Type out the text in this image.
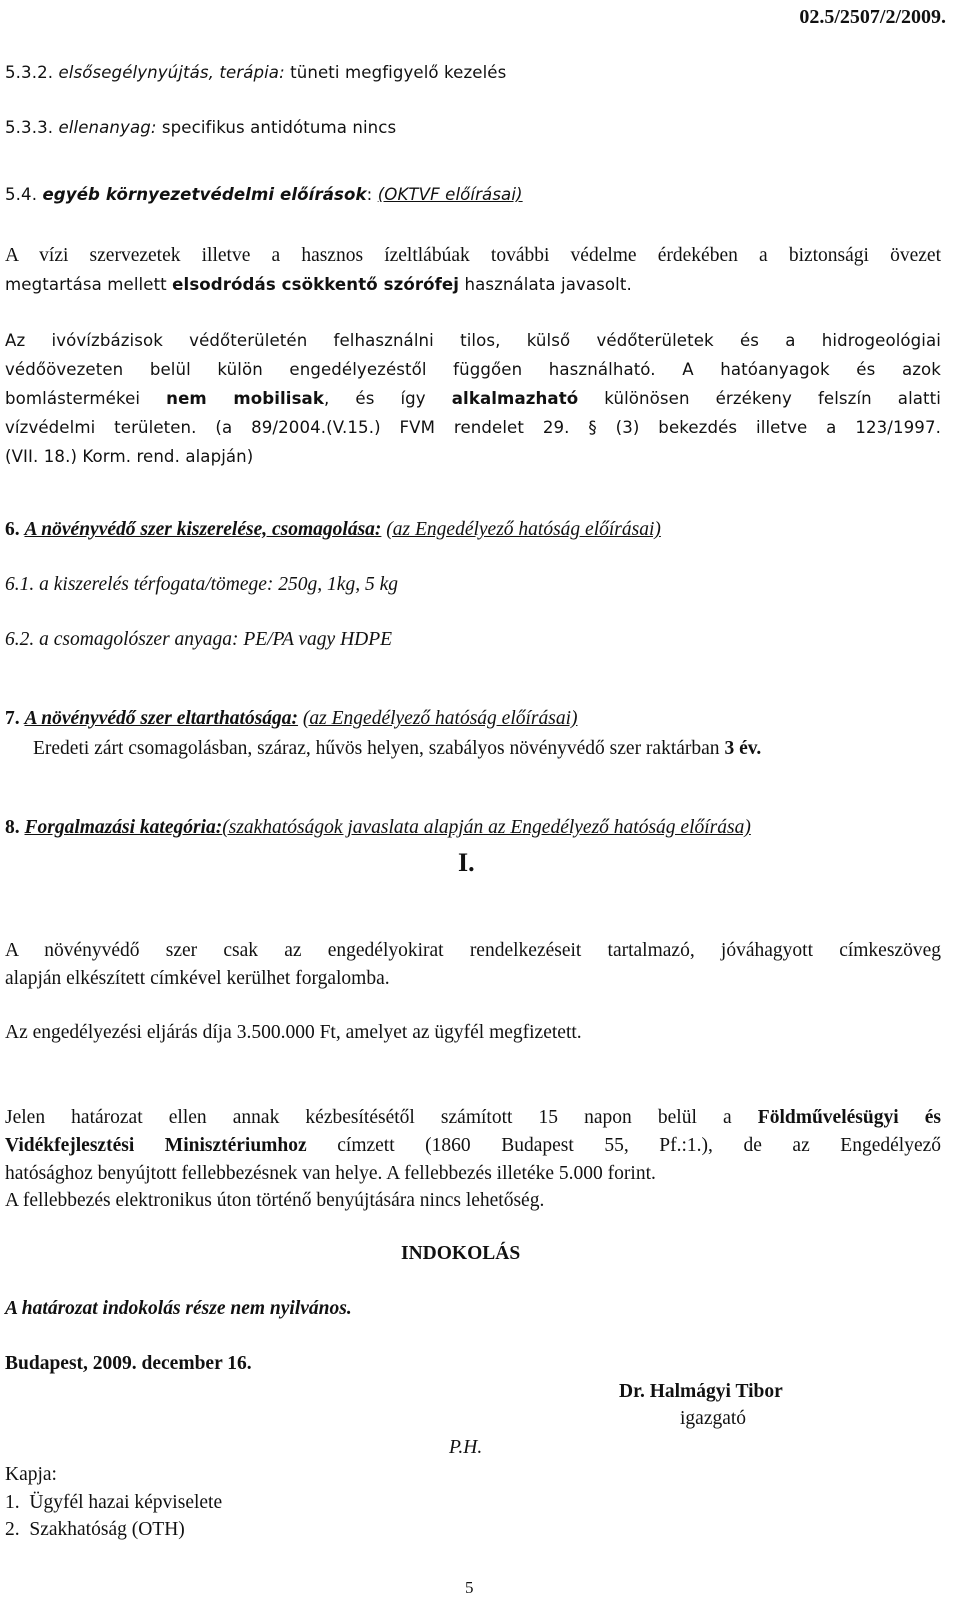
02.5/2507/2/2009.
5.3.2. elsősegélynyújtás, terápia: tüneti megfigyelő kezelés
5.3.3. ellenanyag: specifikus antidótuma nincs
5.4. egyéb környezetvédelmi előírások: (OKTVF előírásai)
A vízi szervezetek illetve a hasznos ízeltlábúak további védelme érdekében a biztonsági övezet
megtartása mellett elsodródás csökkentő szórófej használata javasolt.
Az ivóvízbázisok védőterületén felhasználni tilos, külső védőterületek és a hidrogeológiai
védőövezeten belül külön engedélyezéstől függően használható. A hatóanyagok és azok
bomlástermékei nem mobilisak, és így alkalmazható különösen érzékeny felszín alatti
vízvédelmi területen. (a 89/2004.(V.15.) FVM rendelet 29. § (3) bekezdés illetve a 123/1997.
(VII. 18.) Korm. rend. alapján)
6. A növényvédő szer kiszerelése, csomagolása: (az Engedélyező hatóság előírásai)
6.1. a kiszerelés térfogata/tömege: 250g, 1kg, 5 kg
6.2. a csomagolószer anyaga: PE/PA vagy HDPE
7. A növényvédő szer eltarthatósága: (az Engedélyező hatóság előírásai)
Eredeti zárt csomagolásban, száraz, hűvös helyen, szabályos növényvédő szer raktárban 3 év.
8. Forgalmazási kategória:(szakhatóságok javaslata alapján az Engedélyező hatóság előírása)
I.
A növényvédő szer csak az engedélyokirat rendelkezéseit tartalmazó, jóváhagyott címkeszöveg
alapján elkészített címkével kerülhet forgalomba.
Az engedélyezési eljárás díja 3.500.000 Ft, amelyet az ügyfél megfizetett.
Jelen határozat ellen annak kézbesítésétől számított 15 napon belül a Földművelésügyi és
Vidékfejlesztési Minisztériumhoz címzett (1860 Budapest 55, Pf.:1.), de az Engedélyező
hatósághoz benyújtott fellebbezésnek van helye. A fellebbezés illetéke 5.000 forint.
A fellebbezés elektronikus úton történő benyújtására nincs lehetőség.
INDOKOLÁS
A határozat indokolás része nem nyilvános.
Budapest, 2009. december 16.
Dr. Halmágyi Tibor
igazgató
P.H.
Kapja:
1.  Ügyfél hazai képviselete
2.  Szakhatóság (OTH)
5
